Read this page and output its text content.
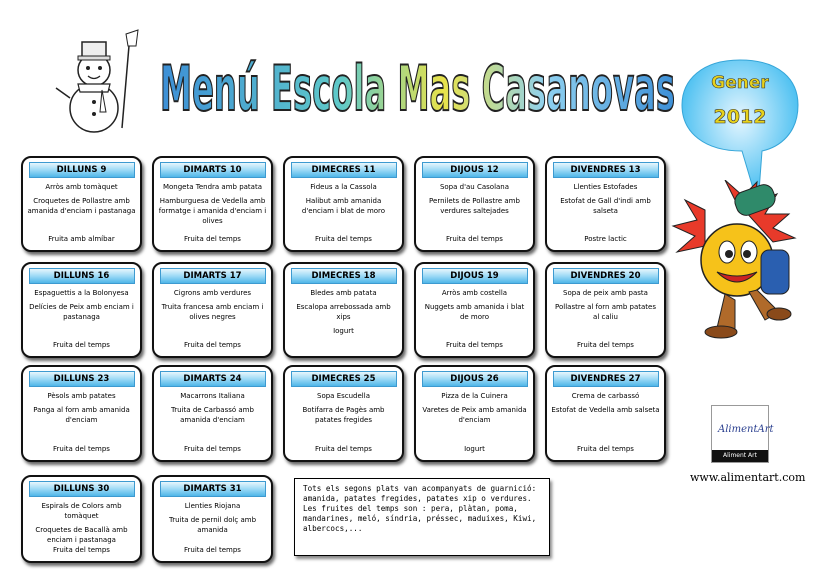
Menú Escola Mas Casanovas Gener
2012
DILLUNS 9
Arròs amb tomàquet
Croquetes de Pollastre amb amanida d'enciam i pastanaga
Fruita amb almíbar
DIMARTS 10
Mongeta Tendra amb patata
Hamburguesa de Vedella amb formatge i amanida d'enciam i olives
Fruita del temps
DIMECRES 11
Fideus a la Cassola
Halibut amb amanida d'enciam i blat de moro
Fruita del temps
DIJOUS 12
Sopa d'au Casolana
Pernilets de Pollastre amb verdures saltejades
Fruita del temps
DIVENDRES 13
Llenties Estofades
Estofat de Gall d'indi amb salseta
Postre lactic
DILLUNS 16
Espaguettis a la Bolonyesa
Delícies de Peix amb enciam i pastanaga
Fruita del temps
DIMARTS 17
Cigrons amb verdures
Truita francesa amb enciam i olives negres
Fruita del temps
DIMECRES 18
Bledes amb patata
Escalopa arrebossada amb xips
Iogurt
DIJOUS 19
Arròs amb costella
Nuggets amb amanida i blat de moro
Fruita del temps
DIVENDRES 20
Sopa de peix amb pasta
Pollastre al forn amb patates al caliu
Fruita del temps
DILLUNS 23
Pèsols amb patates
Panga al forn amb amanida d'enciam
Fruita del temps
DIMARTS 24
Macarrons Italiana
Truita de Carbassó amb amanida d'enciam
Fruita del temps
DIMECRES 25
Sopa Escudella
Botifarra de Pagès amb patates fregides
Fruita del temps
DIJOUS 26
Pizza de la Cuinera
Varetes de Peix amb amanida d'enciam
Iogurt
DIVENDRES 27
Crema de carbassó
Estofat de Vedella amb salseta
Fruita del temps
DILLUNS 30
Espirals de Colors amb tomàquet
Croquetes de Bacallà amb enciam i pastanaga
Fruita del temps
DIMARTS 31
Llenties Riojana
Truita de pernil dolç amb amanida
Fruita del temps
Tots els segons plats van acompanyats de guarnició: amanida, patates fregides, patates xip o verdures. Les fruites del temps son : pera, plàtan, poma, mandarines, meló, síndria, préssec, maduixes, Kiwi, albercocs,...
AlimentArt
Aliment Art
www.alimentart.com
